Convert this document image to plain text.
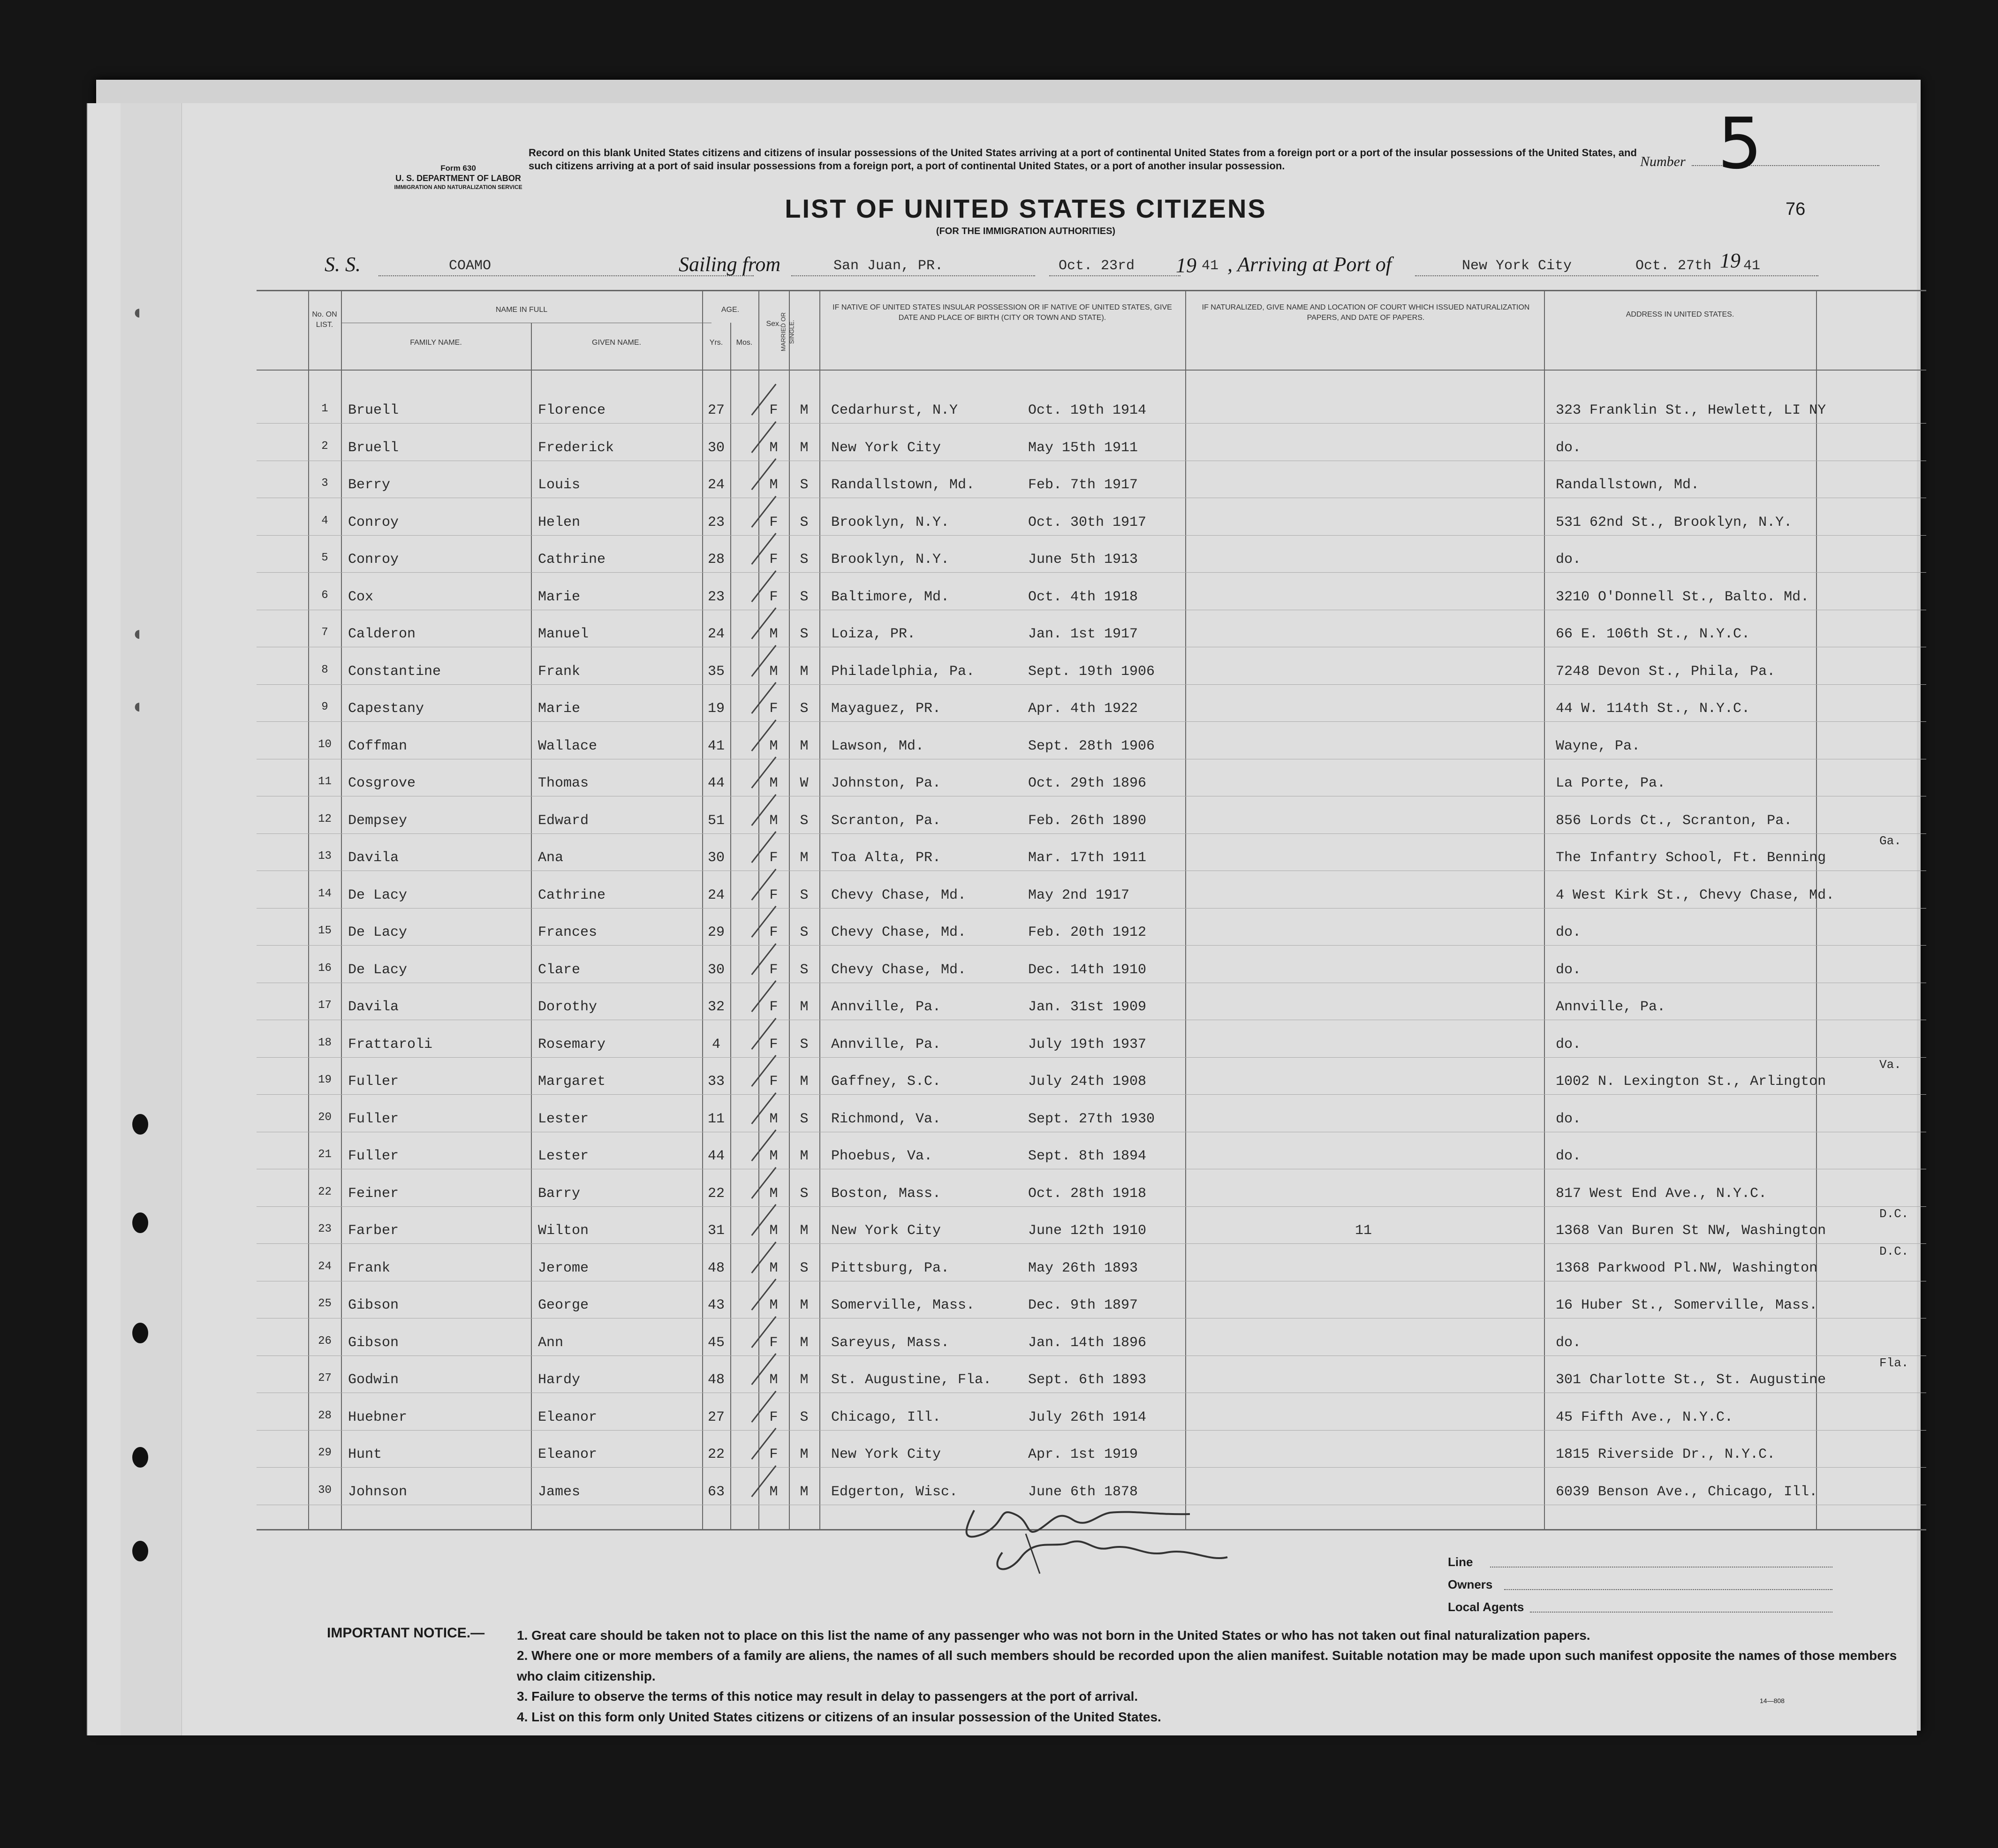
◖
◖
◖
Form 630
U. S. DEPARTMENT OF LABOR
IMMIGRATION AND NATURALIZATION SERVICE
Record on this blank United States citizens and citizens of insular possessions of the United States arriving at a port of continental United States from a foreign port or a port of the insular possessions of the United States, and such citizens arriving at a port of said insular possessions from a foreign port, a port of continental United States, or a port of another insular possession.	Number 5
76
LIST OF UNITED STATES CITIZENS
(FOR THE IMMIGRATION AUTHORITIES)
S. S.	COAMO	Sailing from	San Juan, PR.	Oct. 23rd 19 41 , Arriving at Port of	New York City	Oct. 27th 19 41
No. ON LIST.
NAME IN FULL
FAMILY NAME.	GIVEN NAME.
AGE.
Yrs.	Mos.
Sex.
MARRIED OR SINGLE.
IF NATIVE OF UNITED STATES INSULAR POSSESSION OR IF NATIVE OF UNITED STATES, GIVE DATE AND PLACE OF BIRTH (CITY OR TOWN AND STATE).
IF NATURALIZED, GIVE NAME AND LOCATION OF COURT WHICH ISSUED NATURALIZATION PAPERS, AND DATE OF PAPERS.	ADDRESS IN UNITED STATES.
1	Bruell	Florence	27	F	M	Cedarhurst, N.Y	Oct. 19th 1914	323 Franklin St., Hewlett, LI NY
2	Bruell	Frederick	30	M	M	New York City	May 15th 1911	do.
3	Berry	Louis	24	M	S	Randallstown, Md.	Feb. 7th 1917	Randallstown, Md.
4	Conroy	Helen	23	F	S	Brooklyn, N.Y.	Oct. 30th 1917	531 62nd St., Brooklyn, N.Y.
5	Conroy	Cathrine	28	F	S	Brooklyn, N.Y.	June 5th 1913	do.
6	Cox	Marie	23	F	S	Baltimore, Md.	Oct. 4th 1918	3210 O'Donnell St., Balto. Md.
7	Calderon	Manuel	24	M	S	Loiza, PR.	Jan. 1st 1917	66 E. 106th St., N.Y.C.
8	Constantine	Frank	35	M	M	Philadelphia, Pa.	Sept. 19th 1906	7248 Devon St., Phila, Pa.
9	Capestany	Marie	19	F	S	Mayaguez, PR.	Apr. 4th 1922	44 W. 114th St., N.Y.C.
10	Coffman	Wallace	41	M	M	Lawson, Md.	Sept. 28th 1906	Wayne, Pa.
11	Cosgrove	Thomas	44	M	W	Johnston, Pa.	Oct. 29th 1896	La Porte, Pa.
12	Dempsey	Edward	51	M	S	Scranton, Pa.	Feb. 26th 1890	856 Lords Ct., Scranton, Pa.
13	Davila	Ana	30	F	M	Toa Alta, PR.	Mar. 17th 1911	The Infantry School, Ft. Benning
Ga.
14	De Lacy	Cathrine	24	F	S	Chevy Chase, Md.	May 2nd 1917	4 West Kirk St., Chevy Chase, Md.
15	De Lacy	Frances	29	F	S	Chevy Chase, Md.	Feb. 20th 1912	do.
16	De Lacy	Clare	30	F	S	Chevy Chase, Md.	Dec. 14th 1910	do.
17	Davila	Dorothy	32	F	M	Annville, Pa.	Jan. 31st 1909	Annville, Pa.
18	Frattaroli	Rosemary	4	F	S	Annville, Pa.	July 19th 1937	do.
19	Fuller	Margaret	33	F	M	Gaffney, S.C.	July 24th 1908	1002 N. Lexington St., Arlington
Va.
20	Fuller	Lester	11	M	S	Richmond, Va.	Sept. 27th 1930	do.
21	Fuller	Lester	44	M	M	Phoebus, Va.	Sept. 8th 1894	do.
22	Feiner	Barry	22	M	S	Boston, Mass.	Oct. 28th 1918	817 West End Ave., N.Y.C.
23	Farber	Wilton	31	M	M	New York City	June 12th 1910	11	1368 Van Buren St NW, Washington
D.C.
24	Frank	Jerome	48	M	S	Pittsburg, Pa.	May 26th 1893	1368 Parkwood Pl.NW, Washington
D.C.
25	Gibson	George	43	M	M	Somerville, Mass.	Dec. 9th 1897	16 Huber St., Somerville, Mass.
26	Gibson	Ann	45	F	M	Sareyus, Mass.	Jan. 14th 1896	do.
27	Godwin	Hardy	48	M	M	St. Augustine, Fla.	Sept. 6th 1893	301 Charlotte St., St. Augustine
Fla.
28	Huebner	Eleanor	27	F	S	Chicago, Ill.	July 26th 1914	45 Fifth Ave., N.Y.C.
29	Hunt	Eleanor	22	F	M	New York City	Apr. 1st 1919	1815 Riverside Dr., N.Y.C.
30	Johnson	James	63	M	M	Edgerton, Wisc.	June 6th 1878	6039 Benson Ave., Chicago, Ill.
Line
Owners
Local Agents
IMPORTANT NOTICE.— 1. Great care should be taken not to place on this list the name of any passenger who was not born in the United States or who has not taken out final naturalization papers.
2. Where one or more members of a family are aliens, the names of all such members should be recorded upon the alien manifest. Suitable notation may be made upon such manifest opposite the names of those members who claim citizenship.
3. Failure to observe the terms of this notice may result in delay to passengers at the port of arrival.
4. List on this form only United States citizens or citizens of an insular possession of the United States.
14—808
